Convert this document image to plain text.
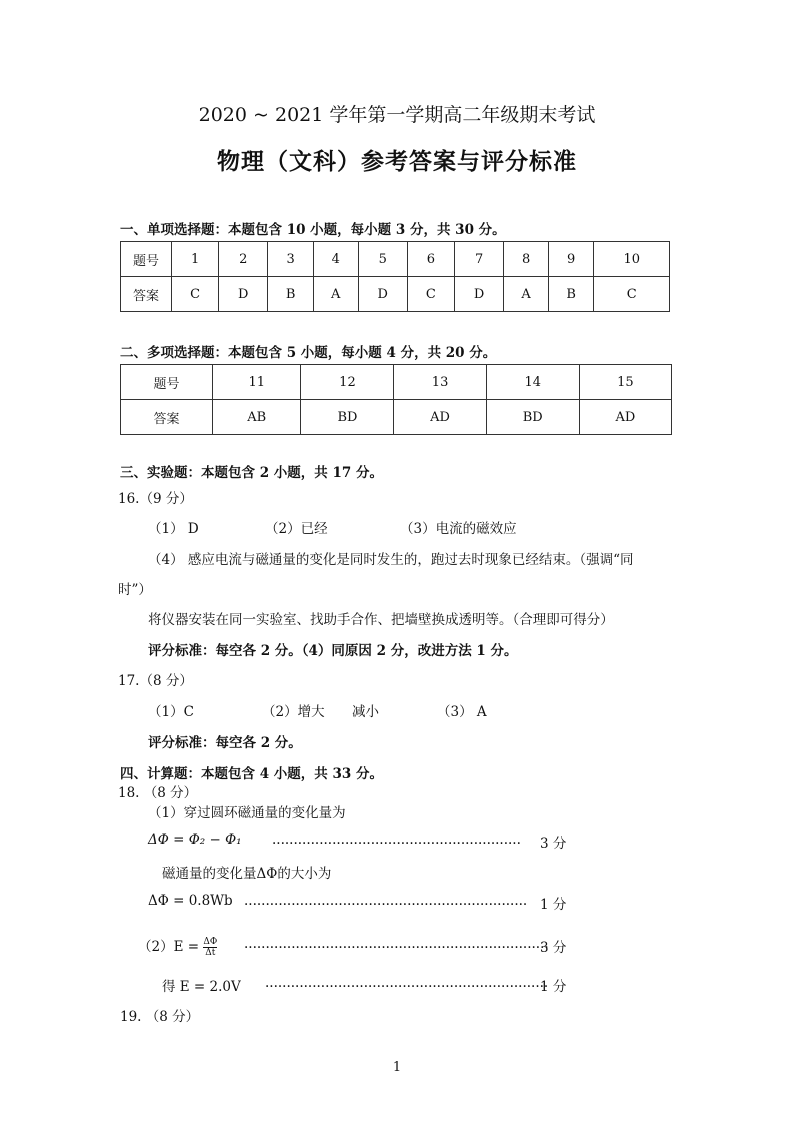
2020 ~ 2021 学年第一学期高二年级期末考试
物理（文科）参考答案与评分标准
一、单项选择题：本题包含 10 小题，每小题 3 分，共 30 分。
题号	1	2	3	4	5	6	7	8	9	10
答案	C	D	B	A	D	C	D	A	B	C
二、多项选择题：本题包含 5 小题，每小题 4 分，共 20 分。
题号	11	12	13	14	15
答案	AB	BD	AD	BD	AD
三、实验题：本题包含 2 小题，共 17 分。
16.（9 分）
（1） D	（2）已经	（3）电流的磁效应
（4） 感应电流与磁通量的变化是同时发生的，跑过去时现象已经结束。（强调“同
时”）
将仪器安装在同一实验室、找助手合作、把墙壁换成透明等。（合理即可得分）
评分标准：每空各 2 分。（4）同原因 2 分，改进方法 1 分。
17.（8 分）
（1）C	（2）增大 减小	（3） A
评分标准：每空各 2 分。
四、计算题：本题包含 4 小题，共 33 分。
18. （8 分）
（1）穿过圆环磁通量的变化量为
ΔΦ = Φ₂ − Φ₁ .......................................................... 3 分
磁通量的变化量ΔΦ的大小为
ΔΦ = 0.8Wb .................................................................. 1 分
$(2)E = \frac{\Delta\Phi}{\Delta t}$ .......................................................................
3 分
得 E = 2.0V ..................................................................
1 分
19. （8 分）
1
